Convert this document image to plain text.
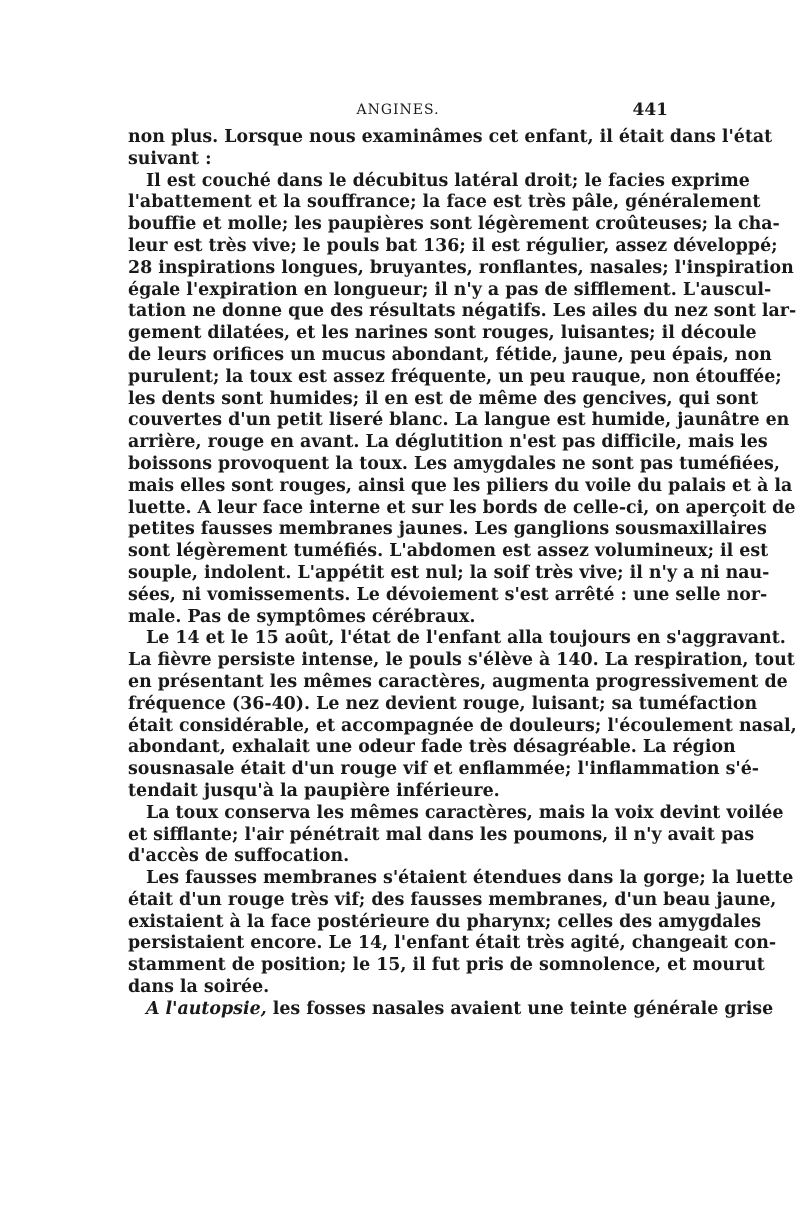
ANGINES.	441
non plus. Lorsque nous examinâmes cet enfant, il était dans l'état
suivant :
Il est couché dans le décubitus latéral droit; le facies exprime
l'abattement et la souffrance; la face est très pâle, généralement
bouffie et molle; les paupières sont légèrement croûteuses; la cha-
leur est très vive; le pouls bat 136; il est régulier, assez développé;
28 inspirations longues, bruyantes, ronflantes, nasales; l'inspiration
égale l'expiration en longueur; il n'y a pas de sifflement. L'auscul-
tation ne donne que des résultats négatifs. Les ailes du nez sont lar-
gement dilatées, et les narines sont rouges, luisantes; il découle
de leurs orifices un mucus abondant, fétide, jaune, peu épais, non
purulent; la toux est assez fréquente, un peu rauque, non étouffée;
les dents sont humides; il en est de même des gencives, qui sont
couvertes d'un petit liseré blanc. La langue est humide, jaunâtre en
arrière, rouge en avant. La déglutition n'est pas difficile, mais les
boissons provoquent la toux. Les amygdales ne sont pas tuméfiées,
mais elles sont rouges, ainsi que les piliers du voile du palais et à la
luette. A leur face interne et sur les bords de celle-ci, on aperçoit de
petites fausses membranes jaunes. Les ganglions sousmaxillaires
sont légèrement tuméfiés. L'abdomen est assez volumineux; il est
souple, indolent. L'appétit est nul; la soif très vive; il n'y a ni nau-
sées, ni vomissements. Le dévoiement s'est arrêté : une selle nor-
male. Pas de symptômes cérébraux.
Le 14 et le 15 août, l'état de l'enfant alla toujours en s'aggravant.
La fièvre persiste intense, le pouls s'élève à 140. La respiration, tout
en présentant les mêmes caractères, augmenta progressivement de
fréquence (36-40). Le nez devient rouge, luisant; sa tuméfaction
était considérable, et accompagnée de douleurs; l'écoulement nasal,
abondant, exhalait une odeur fade très désagréable. La région
sousnasale était d'un rouge vif et enflammée; l'inflammation s'é-
tendait jusqu'à la paupière inférieure.
La toux conserva les mêmes caractères, mais la voix devint voilée
et sifflante; l'air pénétrait mal dans les poumons, il n'y avait pas
d'accès de suffocation.
Les fausses membranes s'étaient étendues dans la gorge; la luette
était d'un rouge très vif; des fausses membranes, d'un beau jaune,
existaient à la face postérieure du pharynx; celles des amygdales
persistaient encore. Le 14, l'enfant était très agité, changeait con-
stamment de position; le 15, il fut pris de somnolence, et mourut
dans la soirée.
A l'autopsie, les fosses nasales avaient une teinte générale grise
